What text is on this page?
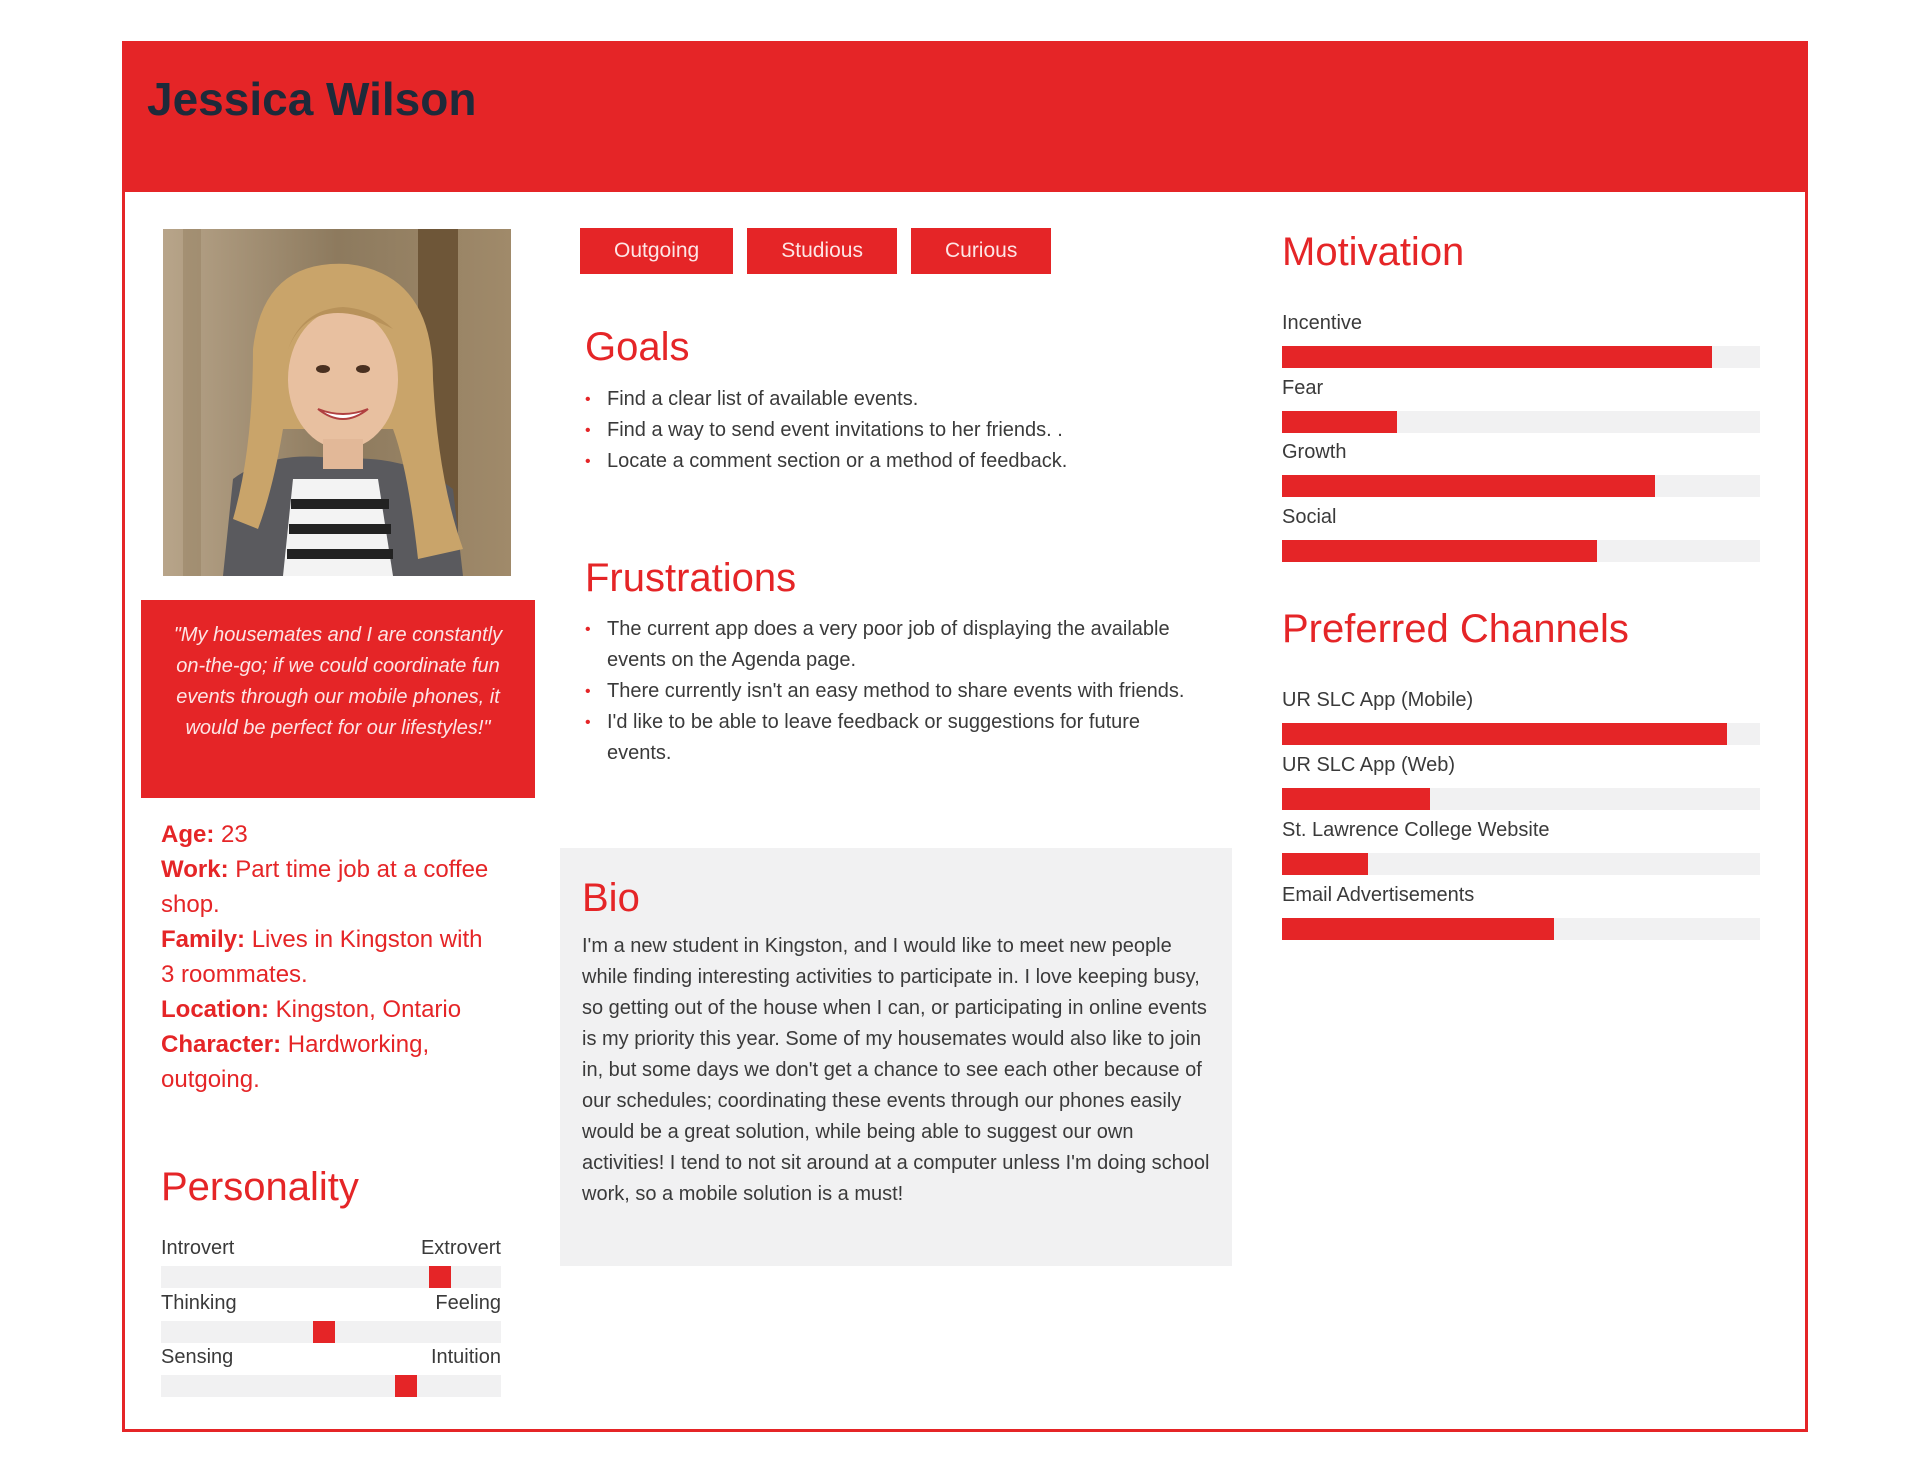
Jessica Wilson
"My housemates and I are constantly on-the-go; if we could coordinate fun events through our mobile phones, it would be perfect for our lifestyles!"
Age: 23
Work: Part time job at a coffee shop.
Family: Lives in Kingston with 3 roommates.
Location: Kingston, Ontario
Character: Hardworking, outgoing.
Personality
Introvert	Extrovert
Thinking	Feeling
Sensing	Intuition
Outgoing	Studious	Curious
Goals
• Find a clear list of available events.
• Find a way to send event invitations to her friends. .
• Locate a comment section or a method of feedback.
Frustrations
• The current app does a very poor job of displaying the available events on the Agenda page.
• There currently isn't an easy method to share events with friends.
• I'd like to be able to leave feedback or suggestions for future events.
Bio

I'm a new student in Kingston, and I would like to meet new people while finding interesting activities to participate in. I love keeping busy, so getting out of the house when I can, or participating in online events is my priority this year. Some of my housemates would also like to join in, but some days we don't get a chance to see each other because of our schedules; coordinating these events through our phones easily would be a great solution, while being able to suggest our own activities! I tend to not sit around at a computer unless I'm doing school work, so a mobile solution is a must!

Motivation
Incentive
Fear
Growth
Social
Preferred Channels
UR SLC App (Mobile)
UR SLC App (Web)
St. Lawrence College Website
Email Advertisements
